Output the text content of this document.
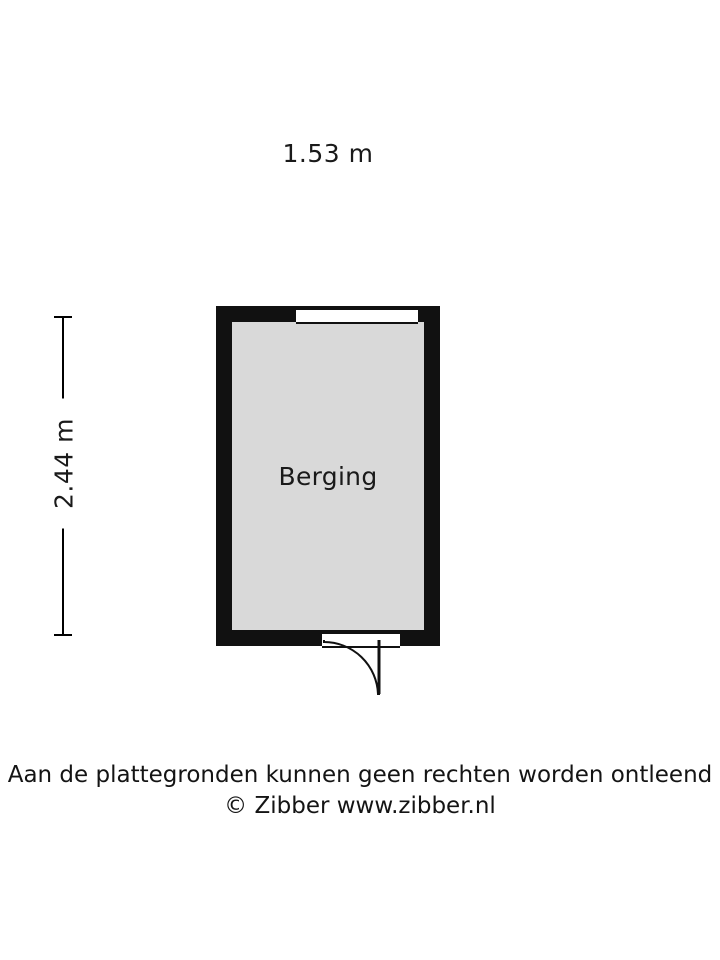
1.53 m
2.44 m	Berging
Aan de plattegronden kunnen geen rechten worden ontleend
© Zibber www.zibber.nl
